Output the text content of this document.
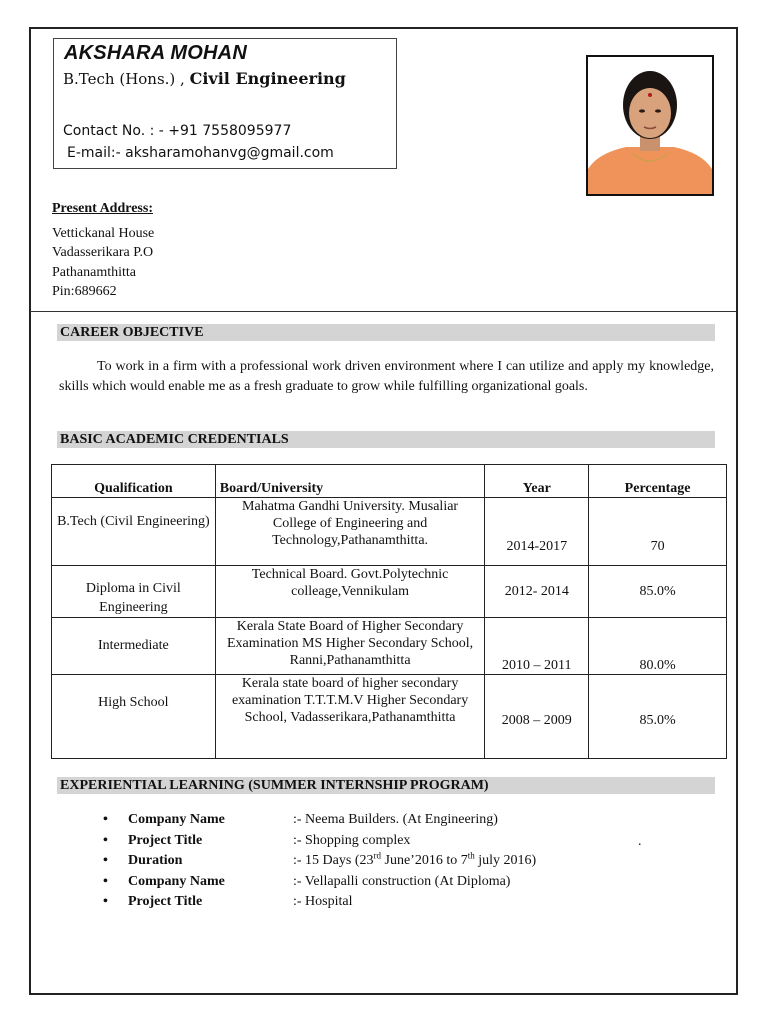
AKSHARA MOHAN
B.Tech (Hons.) , Civil Engineering
Contact No. : - +91 7558095977
E-mail:- aksharamohanvg@gmail.com
Present Address:
Vettickanal House
Vadasserikara P.O
Pathanamthitta
Pin:689662
CAREER OBJECTIVE
To work in a firm with a professional work driven environment where I can utilize and apply my knowledge, skills which would enable me as a fresh graduate to grow while fulfilling organizational goals.
BASIC ACADEMIC CREDENTIALS
Qualification	Board/University	Year	Percentage
B.Tech (Civil Engineering)	Mahatma Gandhi University. Musaliar College of Engineering and Technology,Pathanamthitta.	2014-2017	70
Diploma in Civil Engineering	Technical Board. Govt.Polytechnic colleage,Vennikulam	2012- 2014	85.0%
Intermediate	Kerala State Board of Higher Secondary Examination MS Higher Secondary School, Ranni,Pathanamthitta	2010 – 2011	80.0%
High School	Kerala state board of higher secondary examination T.T.T.M.V Higher Secondary School, Vadasserikara,Pathanamthitta	2008 – 2009	85.0%
EXPERIENTIAL LEARNING (SUMMER INTERNSHIP PROGRAM)
• Company Name	:- Neema Builders. (At Engineering)
• Project Title	:- Shopping complex
• Duration	:- 15 Days (23rd June’2016 to 7th july 2016)
• Company Name	:- Vellapalli construction (At Diploma)
• Project Title	:- Hospital
.
